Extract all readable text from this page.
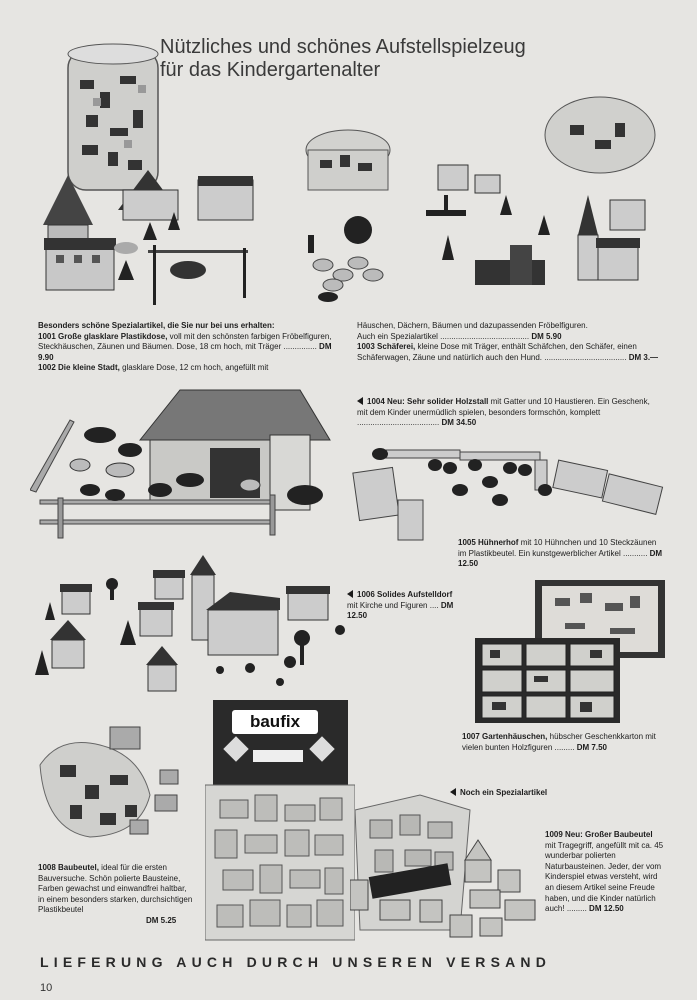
Nützliches und schönes Aufstellspielzeug
für das Kindergartenalter
Besonders schöne Spezialartikel, die Sie nur bei uns erhalten:
1001 Große glasklare Plastikdose, voll mit den schönsten farbigen Fröbelfiguren, Steckhäuschen, Zäunen und Bäumen. Dose, 18 cm hoch, mit Träger ............... DM 9.90
1002 Die kleine Stadt, glasklare Dose, 12 cm hoch, angefüllt mit
Häuschen, Dächern, Bäumen und dazupassenden Fröbelfiguren.
Auch ein Spezialartikel ........................................ DM 5.90
1003 Schäferei, kleine Dose mit Träger, enthält Schäfchen, den Schäfer, einen Schäferwagen, Zäune und natürlich auch den Hund. ..................................... DM 3.—
1004 Neu: Sehr solider Holzstall mit Gatter und 10 Haustieren. Ein Geschenk, mit dem Kinder unermüdlich spielen, besonders formschön, komplett ..................................... DM 34.50
1005 Hühnerhof mit 10 Hühnchen und 10 Steckzäunen im Plastikbeutel. Ein kunstgewerblicher Artikel ........... DM 12.50
1006 Solides Aufstelldorf mit Kirche und Figuren .... DM 12.50
1007 Gartenhäuschen, hübscher Geschenkkarton mit vielen bunten Holzfiguren ......... DM 7.50
1008 Baubeutel, ideal für die ersten Bauversuche. Schön polierte Bausteine, Farben gewachst und einwandfrei haltbar, in einem besonders starken, durchsichtigen Plastikbeutel
DM 5.25
baufix
Noch ein Spezialartikel
1009 Neu: Großer Baubeutel mit Tragegriff, angefüllt mit ca. 45 wunderbar polierten Naturbausteinen. Jeder, der vom Kinderspiel etwas versteht, wird an diesem Artikel seine Freude haben, und die Kinder natürlich auch! ......... DM 12.50
LIEFERUNG AUCH DURCH UNSEREN VERSAND
10
